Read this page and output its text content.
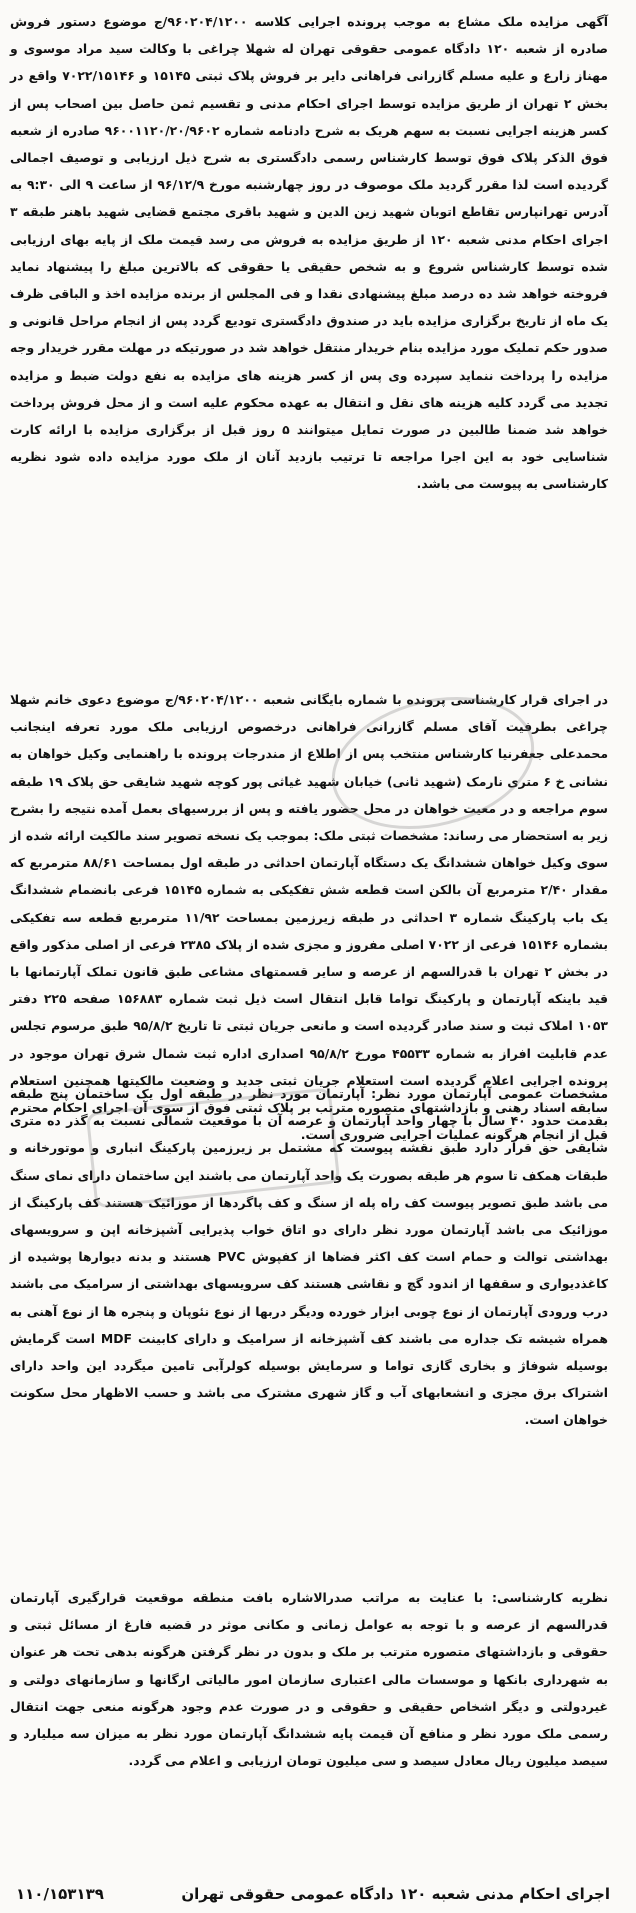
آگهی مزایده ملک مشاع به موجب پرونده اجرایی کلاسه ۹۶۰۲۰۴/۱۲۰۰/ج موضوع دستور فروش صادره از شعبه ۱۲۰ دادگاه عمومی حقوقی تهران له شهلا چراغی با وکالت سید مراد موسوی و مهناز زارع و علیه مسلم گازرانی فراهانی دایر بر فروش پلاک ثبتی ۱۵۱۴۵ و ۷۰۲۲/۱۵۱۴۶ واقع در بخش ۲ تهران از طریق مزایده توسط اجرای احکام مدنی و تقسیم ثمن حاصل بین اصحاب پس از کسر هزینه اجرایی نسبت به سهم هریک به شرح دادنامه شماره ۹۶۰۰۱۱۲۰/۲۰/۹۶۰۲ صادره از شعبه فوق الذکر پلاک فوق توسط کارشناس رسمی دادگستری به شرح ذیل ارزیابی و توصیف اجمالی گردیده است لذا مقرر گردید ملک موصوف در روز چهارشنبه مورخ ۹۶/۱۲/۹ از ساعت ۹ الی ۹:۳۰ به آدرس تهرانپارس تقاطع اتوبان شهید زین الدین و شهید باقری مجتمع قضایی شهید باهنر طبقه ۳ اجرای احکام مدنی شعبه ۱۲۰ از طریق مزایده به فروش می رسد قیمت ملک از پایه بهای ارزیابی شده توسط کارشناس شروع و به شخص حقیقی یا حقوقی که بالاترین مبلغ را پیشنهاد نماید فروخته خواهد شد ده درصد مبلغ پیشنهادی نقدا و فی المجلس از برنده مزایده اخذ و الباقی ظرف یک ماه از تاریخ برگزاری مزایده باید در صندوق دادگستری تودیع گردد پس از انجام مراحل قانونی و صدور حکم تملیک مورد مزایده بنام خریدار منتقل خواهد شد در صورتیکه در مهلت مقرر خریدار وجه مزایده را پرداخت ننماید سپرده وی پس از کسر هزینه های مزایده به نفع دولت ضبط و مزایده تجدید می گردد کلیه هزینه های نقل و انتقال به عهده محکوم علیه است و از محل فروش پرداخت خواهد شد ضمنا طالبین در صورت تمایل میتوانند ۵ روز قبل از برگزاری مزایده با ارائه کارت شناسایی خود به این اجرا مراجعه تا ترتیب بازدید آنان از ملک مورد مزایده داده شود نظریه کارشناسی به پیوست می باشد.

در اجرای قرار کارشناسی پرونده با شماره بایگانی شعبه ۹۶۰۲۰۴/۱۲۰۰/ج موضوع دعوی خانم شهلا چراغی بطرفیت آقای مسلم گازرانی فراهانی درخصوص ارزیابی ملک مورد تعرفه اینجانب محمدعلی جعفرنیا کارشناس منتخب پس از اطلاع از مندرجات پرونده با راهنمایی وکیل خواهان به نشانی خ ۶ متری نارمک (شهید ثانی) خیابان شهید غیاثی پور کوچه شهید شایقی حق پلاک ۱۹ طبقه سوم مراجعه و در معیت خواهان در محل حضور یافته و پس از بررسیهای بعمل آمده نتیجه را بشرح زیر به استحضار می رساند: مشخصات ثبتی ملک: بموجب یک نسخه تصویر سند مالکیت ارائه شده از سوی وکیل خواهان ششدانگ یک دستگاه آپارتمان احداثی در طبقه اول بمساحت ۸۸/۶۱ مترمربع که مقدار ۲/۴۰ مترمربع آن بالکن است قطعه شش تفکیکی به شماره ۱۵۱۴۵ فرعی بانضمام ششدانگ یک باب پارکینگ شماره ۳ احداثی در طبقه زیرزمین بمساحت ۱۱/۹۲ مترمربع قطعه سه تفکیکی بشماره ۱۵۱۴۶ فرعی از ۷۰۲۲ اصلی مفروز و مجزی شده از پلاک ۲۳۸۵ فرعی از اصلی مذکور واقع در بخش ۲ تهران با قدرالسهم از عرصه و سایر قسمتهای مشاعی طبق قانون تملک آپارتمانها با قید باینکه آپارتمان و پارکینگ تواما قابل انتقال است ذیل ثبت شماره ۱۵۶۸۸۳ صفحه ۲۲۵ دفتر ۱۰۵۳ املاک ثبت و سند صادر گردیده است و مانعی جریان ثبتی تا تاریخ ۹۵/۸/۲ طبق مرسوم تجلس عدم قابلیت افراز به شماره ۴۵۵۳۳ مورخ ۹۵/۸/۲ اصداری اداره ثبت شمال شرق تهران موجود در پرونده اجرایی اعلام گردیده است استعلام جریان ثبتی جدید و وضعیت مالکیتها همچنین استعلام سابقه اسناد رهنی و بازداشتهای متصوره مترتب بر پلاک ثبتی فوق از سوی آن اجرای احکام محترم قبل از انجام هرگونه عملیات اجرایی ضروری است.

مشخصات عمومی آپارتمان مورد نظر: آپارتمان مورد نظر در طبقه اول یک ساختمان پنج طبقه بقدمت حدود ۴۰ سال با چهار واحد آپارتمان و عرصه آن با موقعیت شمالی نسبت به گذر ده متری شایقی حق قرار دارد طبق نقشه پیوست که مشتمل بر زیرزمین پارکینگ انباری و موتورخانه و طبقات همکف تا سوم هر طبقه بصورت یک واحد آپارتمان می باشند این ساختمان دارای نمای سنگ می باشد طبق تصویر پیوست کف راه پله از سنگ و کف پاگردها از موزائیک هستند کف پارکینگ از موزائیک می باشد آپارتمان مورد نظر دارای دو اتاق خواب پذیرایی آشپزخانه اپن و سرویسهای بهداشتی توالت و حمام است کف اکثر فضاها از کفپوش PVC هستند و بدنه دیوارها پوشیده از کاغذدیواری و سقفها از اندود گچ و نقاشی هستند کف سرویسهای بهداشتی از سرامیک می باشند درب ورودی آپارتمان از نوع چوبی ابزار خورده ودیگر دربها از نوع نئوپان و پنجره ها از نوع آهنی به همراه شیشه تک جداره می باشند کف آشپزخانه از سرامیک و دارای کابینت MDF است گرمایش بوسیله شوفاژ و بخاری گازی تواما و سرمایش بوسیله کولرآبی تامین میگردد این واحد دارای اشتراک برق مجزی و انشعابهای آب و گاز شهری مشترک می باشد و حسب الاظهار محل سکونت خواهان است.

نظریه کارشناسی: با عنایت به مراتب صدرالاشاره بافت منطقه موقعیت قرارگیری آپارتمان قدرالسهم از عرصه و با توجه به عوامل زمانی و مکانی موثر در قضیه فارغ از مسائل ثبتی و حقوقی و بازداشتهای متصوره مترتب بر ملک و بدون در نظر گرفتن هرگونه بدهی تحت هر عنوان به شهرداری بانکها و موسسات مالی اعتباری سازمان امور مالیاتی ارگانها و سازمانهای دولتی و غیردولتی و دیگر اشخاص حقیقی و حقوقی و در صورت عدم وجود هرگونه منعی جهت انتقال رسمی ملک مورد نظر و منافع آن قیمت پایه ششدانگ آپارتمان مورد نظر به میزان سه میلیارد و سیصد میلیون ریال معادل سیصد و سی میلیون تومان ارزیابی و اعلام می گردد.

اجرای احکام مدنی شعبه ۱۲۰ دادگاه عمومی حقوقی تهران
۱۱۰/۱۵۳۱۳۹
